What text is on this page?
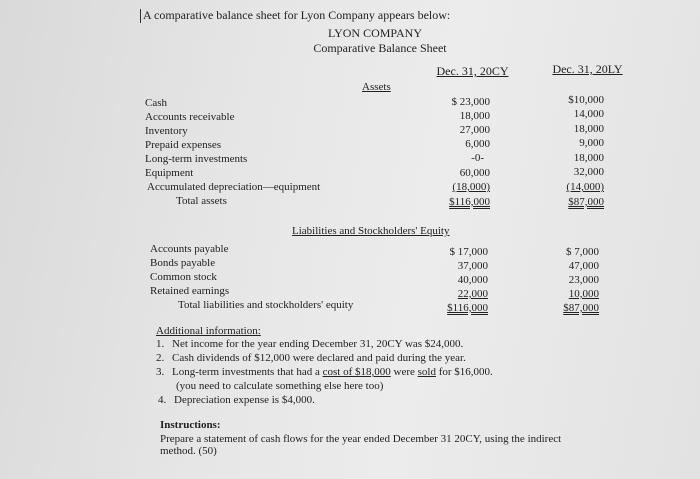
A comparative balance sheet for Lyon Company appears below:
LYON COMPANY
Comparative Balance Sheet
Dec. 31, 20CY	Dec. 31, 20LY
Assets
Cash	$ 23,000	$10,000
Accounts receivable	18,000	14,000
Inventory	27,000	18,000
Prepaid expenses	6,000	9,000
Long-term investments	-0-	18,000
Equipment	60,000	32,000
Accumulated depreciation—equipment	(18,000)	(14,000)
Total assets	$116,000	$87,000
Liabilities and Stockholders' Equity
Accounts payable	$ 17,000	$ 7,000
Bonds payable	37,000	47,000
Common stock	40,000	23,000
Retained earnings	22,000	10,000
Total liabilities and stockholders' equity	$116,000	$87,000
Additional information:
1. Net income for the year ending December 31, 20CY was $24,000.
2. Cash dividends of $12,000 were declared and paid during the year.
3. Long-term investments that had a cost of $18,000 were sold for $16,000.
(you need to calculate something else here too)
4. Depreciation expense is $4,000.
Instructions:
Prepare a statement of cash flows for the year ended December 31 20CY, using the indirect
method. (50)
